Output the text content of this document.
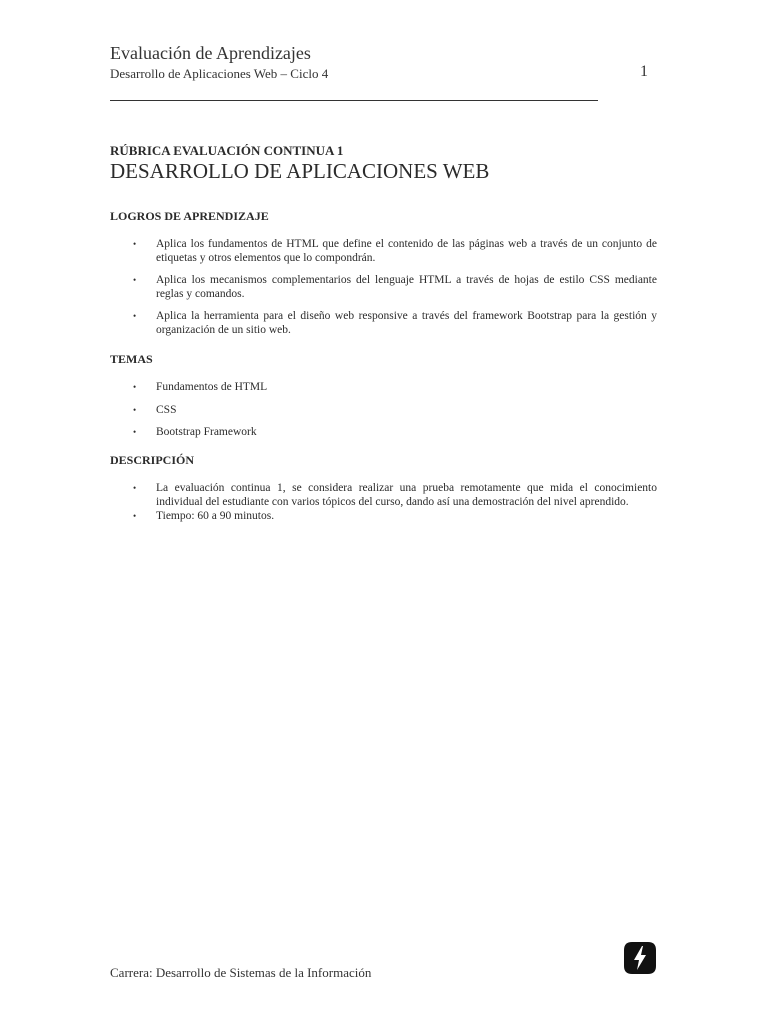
Evaluación de Aprendizajes
Desarrollo de Aplicaciones Web – Ciclo 4	1
RÚBRICA EVALUACIÓN CONTINUA 1
DESARROLLO DE APLICACIONES WEB
LOGROS DE APRENDIZAJE
• Aplica los fundamentos de HTML que define el contenido de las páginas web a través de un conjunto de etiquetas y otros elementos que lo compondrán.
• Aplica los mecanismos complementarios del lenguaje HTML a través de hojas de estilo CSS mediante reglas y comandos.
• Aplica la herramienta para el diseño web responsive a través del framework Bootstrap para la gestión y organización de un sitio web.
TEMAS
• Fundamentos de HTML
• CSS
• Bootstrap Framework
DESCRIPCIÓN
• La evaluación continua 1, se considera realizar una prueba remotamente que mida el conocimiento individual del estudiante con varios tópicos del curso, dando así una demostración del nivel aprendido.
• Tiempo: 60 a 90 minutos.
Carrera: Desarrollo de Sistemas de la Información
